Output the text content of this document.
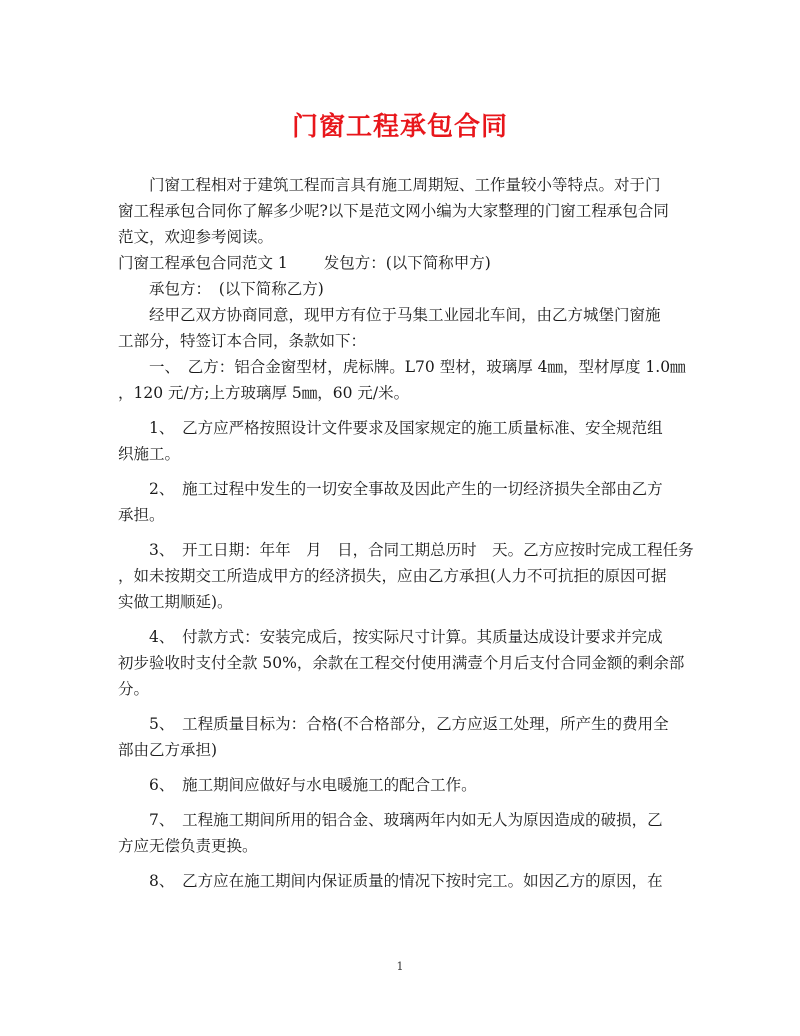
门窗工程承包合同
门窗工程相对于建筑工程而言具有施工周期短、工作量较小等特点。对于门
窗工程承包合同你了解多少呢?以下是范文网小编为大家整理的门窗工程承包合同
范文，欢迎参考阅读。
门窗工程承包合同范文 1　　 发包方：(以下简称甲方)
承包方：　(以下简称乙方)
经甲乙双方协商同意，现甲方有位于马集工业园北车间，由乙方城堡门窗施
工部分，特签订本合同，条款如下：
一、　乙方：铝合金窗型材，虎标牌。L70 型材，玻璃厚 4㎜，型材厚度 1.0㎜
，120 元/方;上方玻璃厚 5㎜，60 元/米。
1、　乙方应严格按照设计文件要求及国家规定的施工质量标准、安全规范组
织施工。
2、　施工过程中发生的一切安全事故及因此产生的一切经济损失全部由乙方
承担。
3、　开工日期：年年　月　日，合同工期总历时　天。乙方应按时完成工程任务
，如未按期交工所造成甲方的经济损失，应由乙方承担(人力不可抗拒的原因可据
实做工期顺延)。
4、　付款方式：安装完成后，按实际尺寸计算。其质量达成设计要求并完成
初步验收时支付全款 50%，余款在工程交付使用满壹个月后支付合同金额的剩余部
分。
5、　工程质量目标为：合格(不合格部分，乙方应返工处理，所产生的费用全
部由乙方承担)
6、　施工期间应做好与水电暖施工的配合工作。
7、　工程施工期间所用的铝合金、玻璃两年内如无人为原因造成的破损，乙
方应无偿负责更换。
8、　乙方应在施工期间内保证质量的情况下按时完工。如因乙方的原因，在
1
